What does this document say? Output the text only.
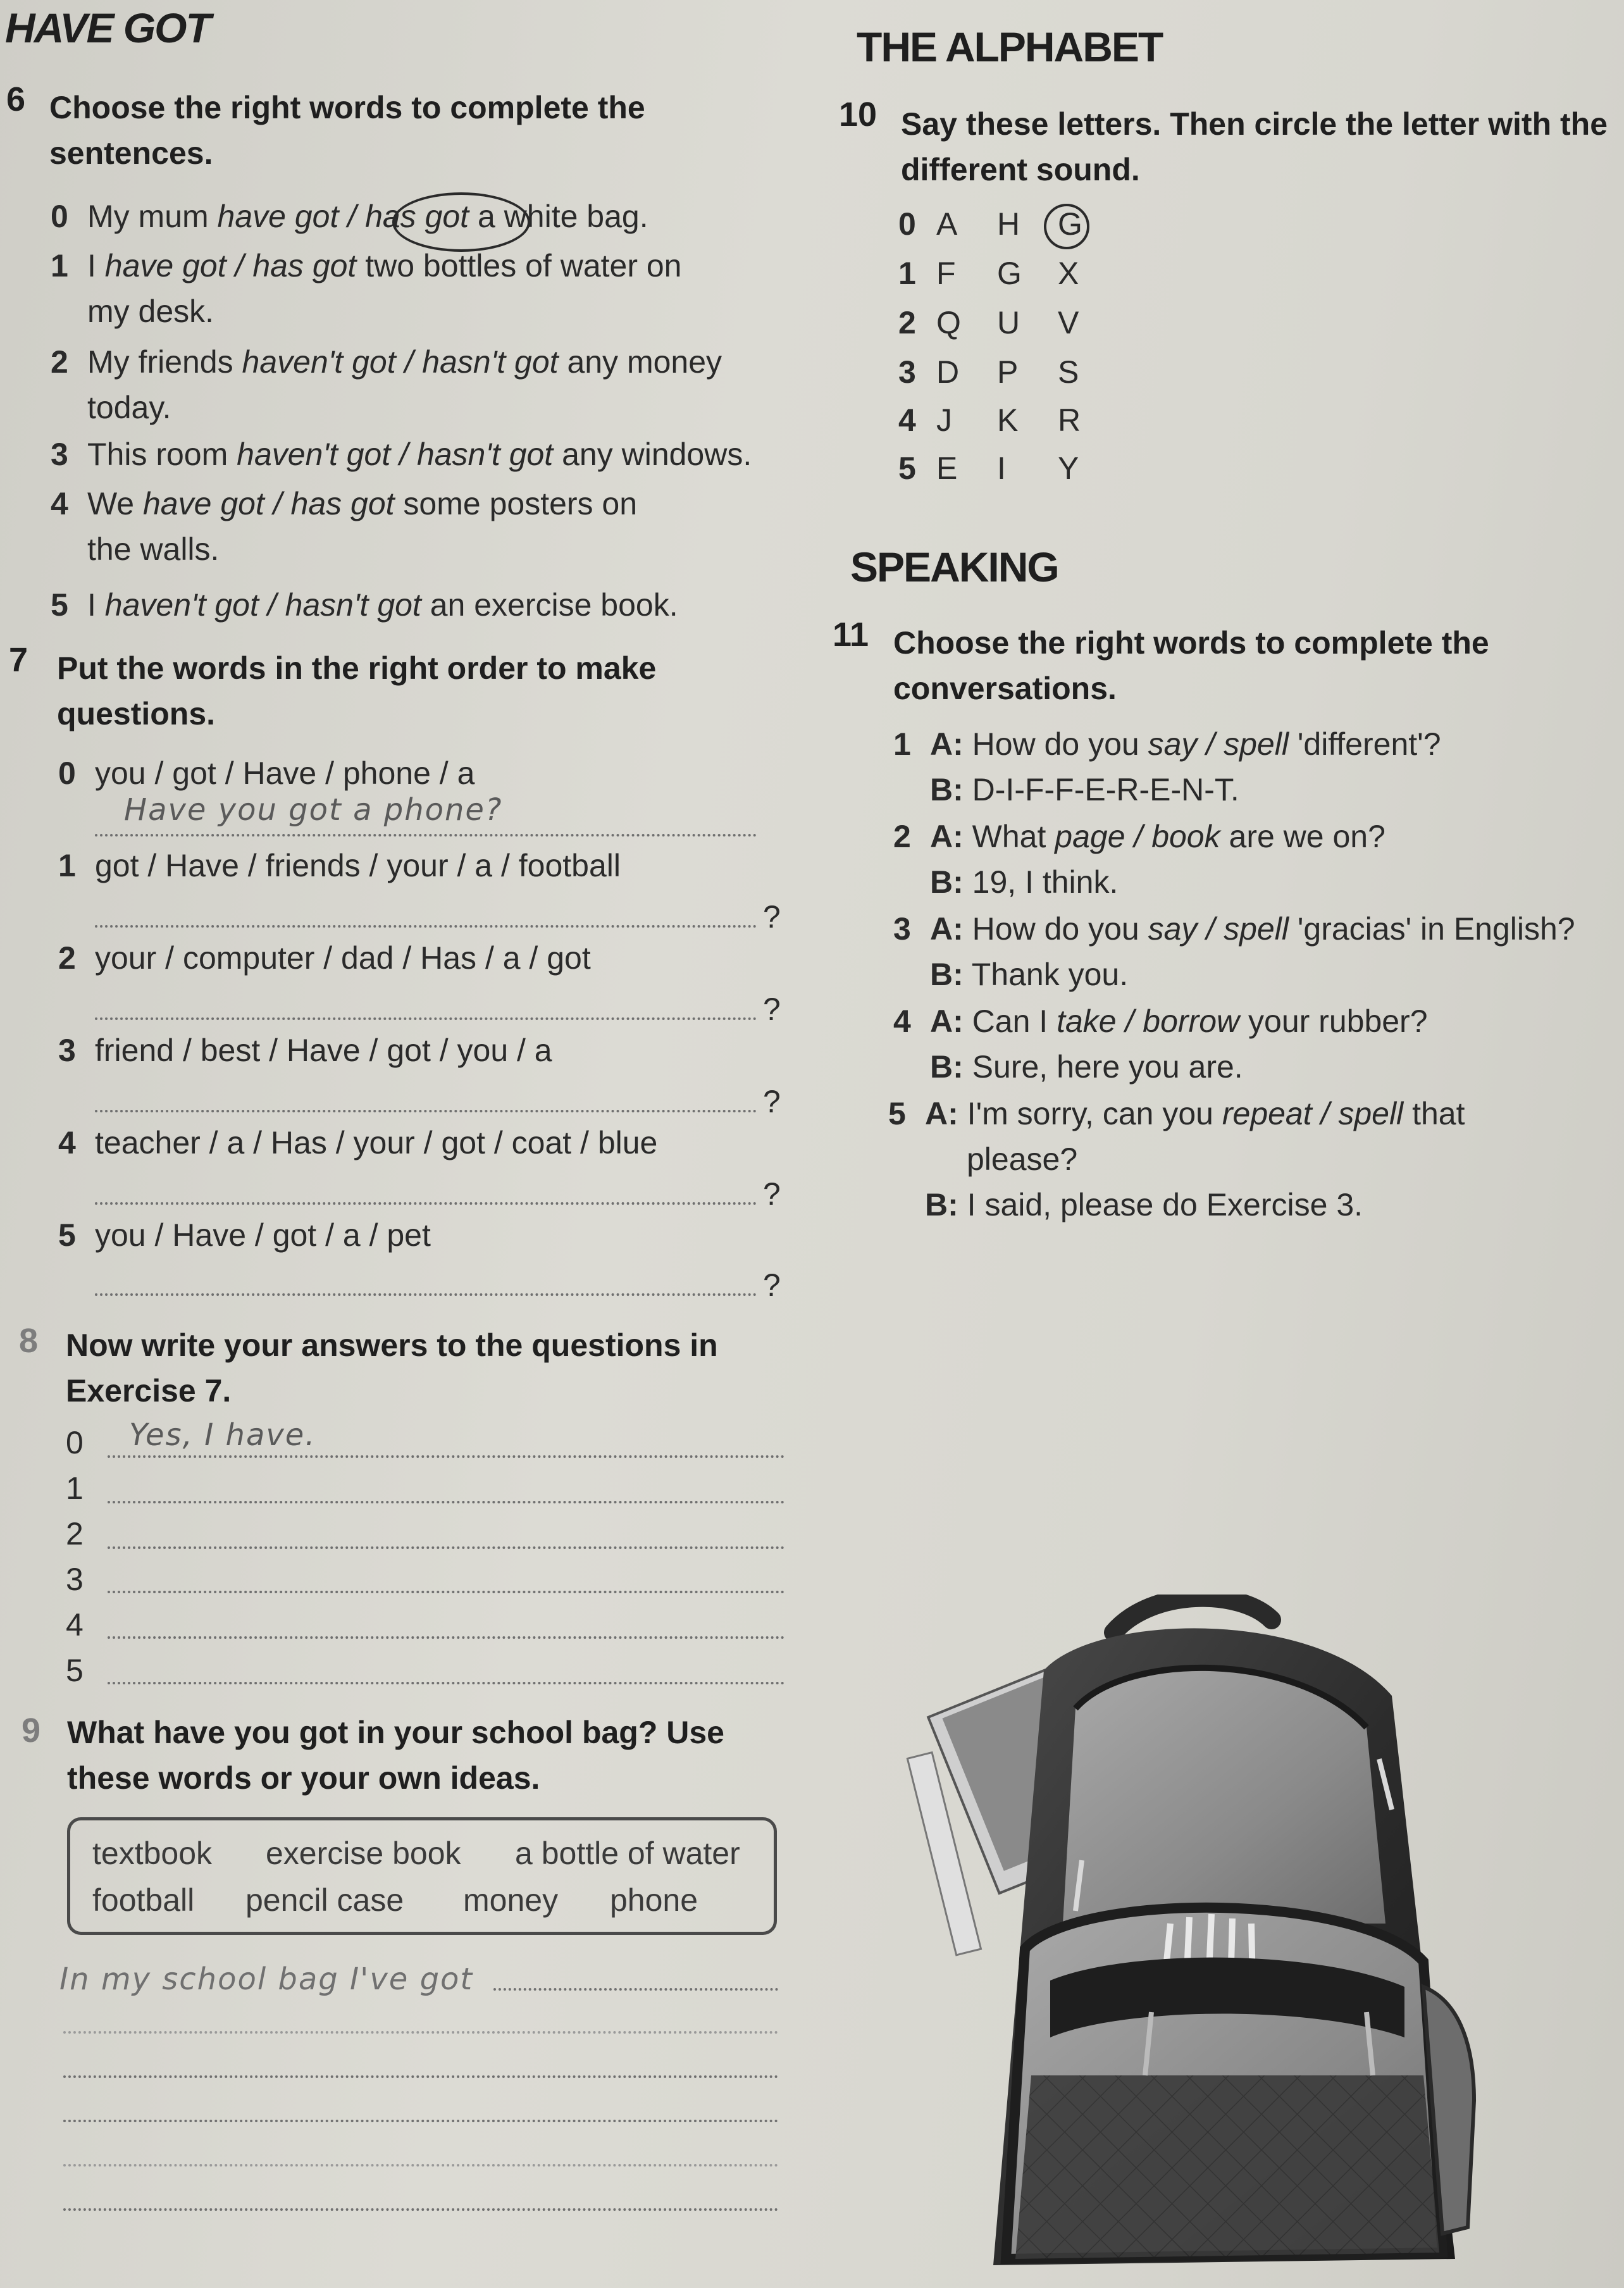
HAVE GOT
6 Choose the right words to complete the sentences.
0 My mum have got / has got a white bag.
1 I have got / has got two bottles of water on
my desk.
2 My friends haven't got / hasn't got any money
today.
3 This room haven't got / hasn't got any windows.
4 We have got / has got some posters on
the walls.
5 I haven't got / hasn't got an exercise book.
7 Put the words in the right order to make questions.
0 you / got / Have / phone / a
Have you got a phone?
1 got / Have / friends / your / a / football
?
2 your / computer / dad / Has / a / got
?
3 friend / best / Have / got / you / a
?
4 teacher / a / Has / your / got / coat / blue
?
5 you / Have / got / a / pet
?
8 Now write your answers to the questions in Exercise 7.
0 Yes, I have.
1
2
3
4
5
9 What have you got in your school bag? Use these words or your own ideas.
textbook exercise book a bottle of water
football pencil case money phone
In my school bag I've got
THE ALPHABET
10 Say these letters. Then circle the letter with the different sound.
0 A H G
1 F G X
2 Q U V
3 D P S
4 J K R
5 E I Y
SPEAKING
11 Choose the right words to complete the conversations.
1 A: How do you say / spell 'different'?
B: D-I-F-F-E-R-E-N-T.
2 A: What page / book are we on?
B: 19, I think.
3 A: How do you say / spell 'gracias' in English?
B: Thank you.
4 A: Can I take / borrow your rubber?
B: Sure, here you are.
5 A: I'm sorry, can you repeat / spell that
please?
B: I said, please do Exercise 3.
